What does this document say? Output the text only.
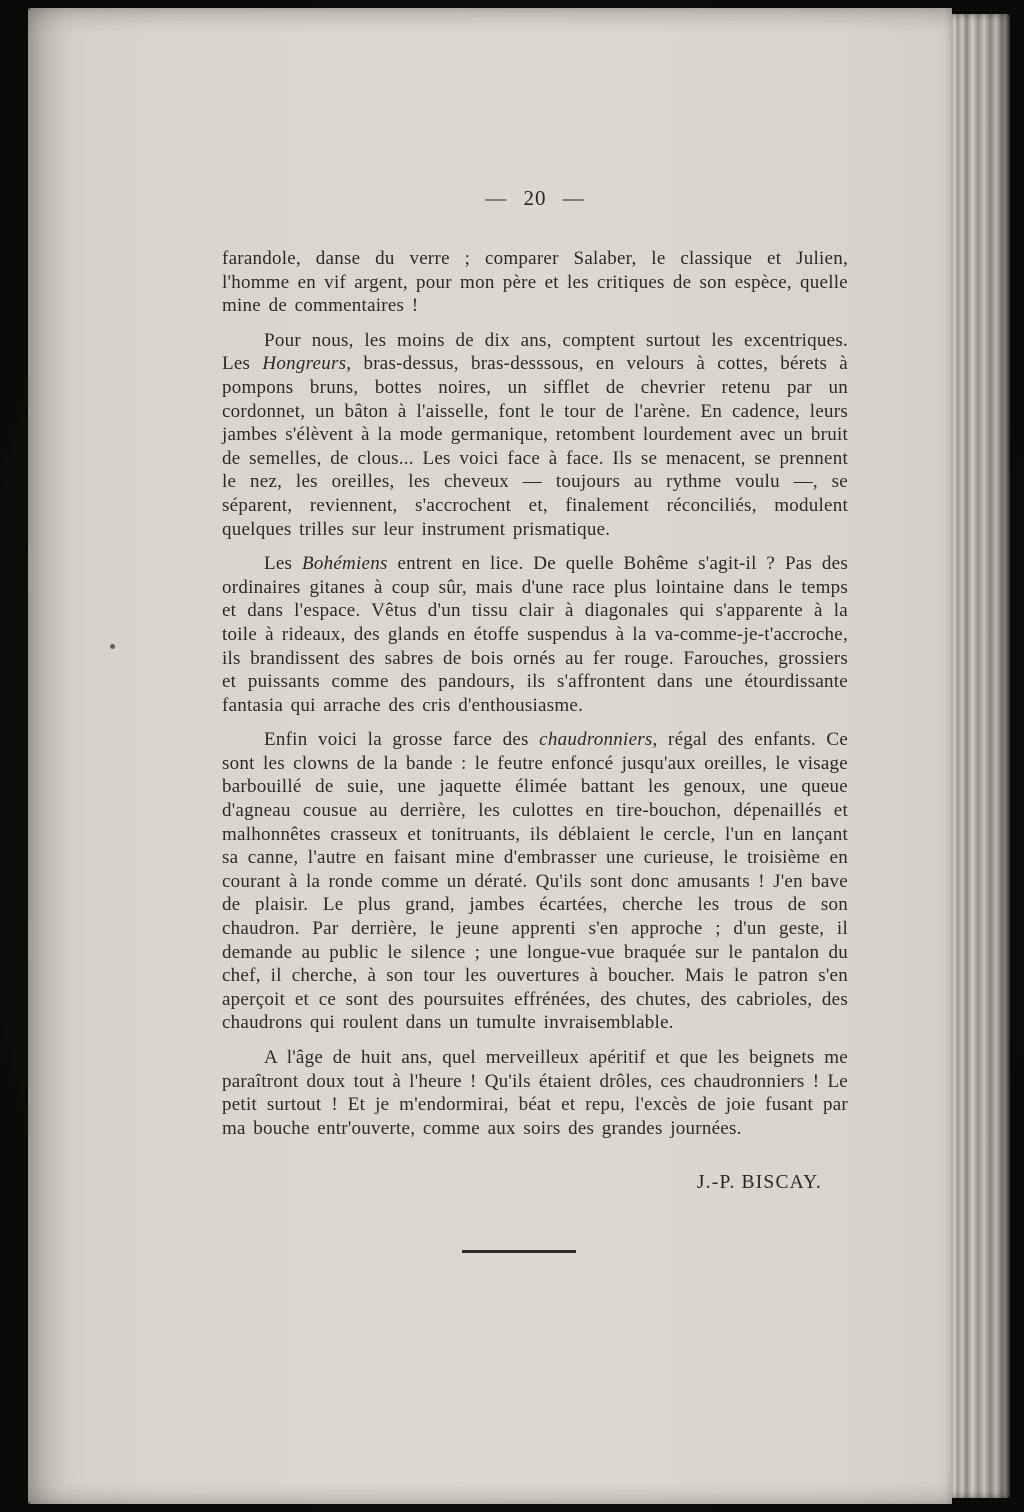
— 20 —

farandole, danse du verre ; comparer Salaber, le classique et Julien, l'homme en vif argent, pour mon père et les critiques de son espèce, quelle mine de commentaires !

Pour nous, les moins de dix ans, comptent surtout les excentriques. Les Hongreurs, bras-dessus, bras-desssous, en velours à cottes, bérets à pompons bruns, bottes noires, un sifflet de chevrier retenu par un cordonnet, un bâton à l'aisselle, font le tour de l'arène. En cadence, leurs jambes s'élèvent à la mode germanique, retombent lourdement avec un bruit de semelles, de clous... Les voici face à face. Ils se menacent, se prennent le nez, les oreilles, les cheveux — toujours au rythme voulu —, se séparent, reviennent, s'accrochent et, finalement réconciliés, modulent quelques trilles sur leur instrument prismatique.

Les Bohémiens entrent en lice. De quelle Bohême s'agit-il ? Pas des ordinaires gitanes à coup sûr, mais d'une race plus lointaine dans le temps et dans l'espace. Vêtus d'un tissu clair à diagonales qui s'apparente à la toile à rideaux, des glands en étoffe suspendus à la va-comme-je-t'accroche, ils brandissent des sabres de bois ornés au fer rouge. Farouches, grossiers et puissants comme des pandours, ils s'affrontent dans une étourdissante fantasia qui arrache des cris d'enthousiasme.

Enfin voici la grosse farce des chaudronniers, régal des enfants. Ce sont les clowns de la bande : le feutre enfoncé jusqu'aux oreilles, le visage barbouillé de suie, une jaquette élimée battant les genoux, une queue d'agneau cousue au derrière, les culottes en tire-bouchon, dépenaillés et malhonnêtes crasseux et tonitruants, ils déblaient le cercle, l'un en lançant sa canne, l'autre en faisant mine d'embrasser une curieuse, le troisième en courant à la ronde comme un dératé. Qu'ils sont donc amusants ! J'en bave de plaisir. Le plus grand, jambes écartées, cherche les trous de son chaudron. Par derrière, le jeune apprenti s'en approche ; d'un geste, il demande au public le silence ; une longue-vue braquée sur le pantalon du chef, il cherche, à son tour les ouvertures à boucher. Mais le patron s'en aperçoit et ce sont des poursuites effrénées, des chutes, des cabrioles, des chaudrons qui roulent dans un tumulte invraisemblable.

A l'âge de huit ans, quel merveilleux apéritif et que les beignets me paraîtront doux tout à l'heure ! Qu'ils étaient drôles, ces chaudronniers ! Le petit surtout ! Et je m'endormirai, béat et repu, l'excès de joie fusant par ma bouche entr'ouverte, comme aux soirs des grandes journées.

J.-P. BISCAY.
